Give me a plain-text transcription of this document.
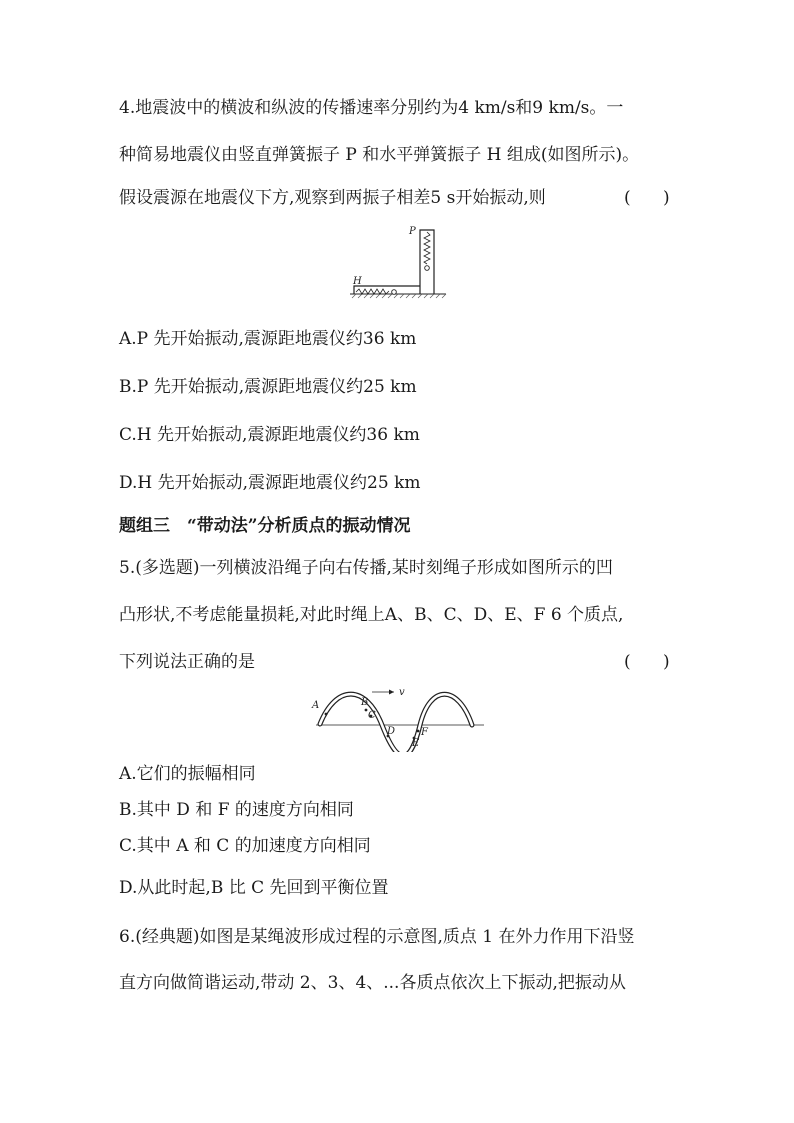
4.地震波中的横波和纵波的传播速率分别约为4 km/s和9 km/s。一
种简易地震仪由竖直弹簧振子 P 和水平弹簧振子 H 组成(如图所示)。
假设震源在地震仪下方,观察到两振子相差5 s开始振动,则	(      )
P
H
A.P 先开始振动,震源距地震仪约36 km
B.P 先开始振动,震源距地震仪约25 km
C.H 先开始振动,震源距地震仪约36 km
D.H 先开始振动,震源距地震仪约25 km
题组三　“带动法”分析质点的振动情况
5.(多选题)一列横波沿绳子向右传播,某时刻绳子形成如图所示的凹
凸形状,不考虑能量损耗,对此时绳上A、B、C、D、E、F 6 个质点,
下列说法正确的是	(      )
v
A	B
C
D
E
F
A.它们的振幅相同
B.其中 D 和 F 的速度方向相同
C.其中 A 和 C 的加速度方向相同
D.从此时起,B 比 C 先回到平衡位置
6.(经典题)如图是某绳波形成过程的示意图,质点 1 在外力作用下沿竖
直方向做简谐运动,带动 2、3、4、...各质点依次上下振动,把振动从
